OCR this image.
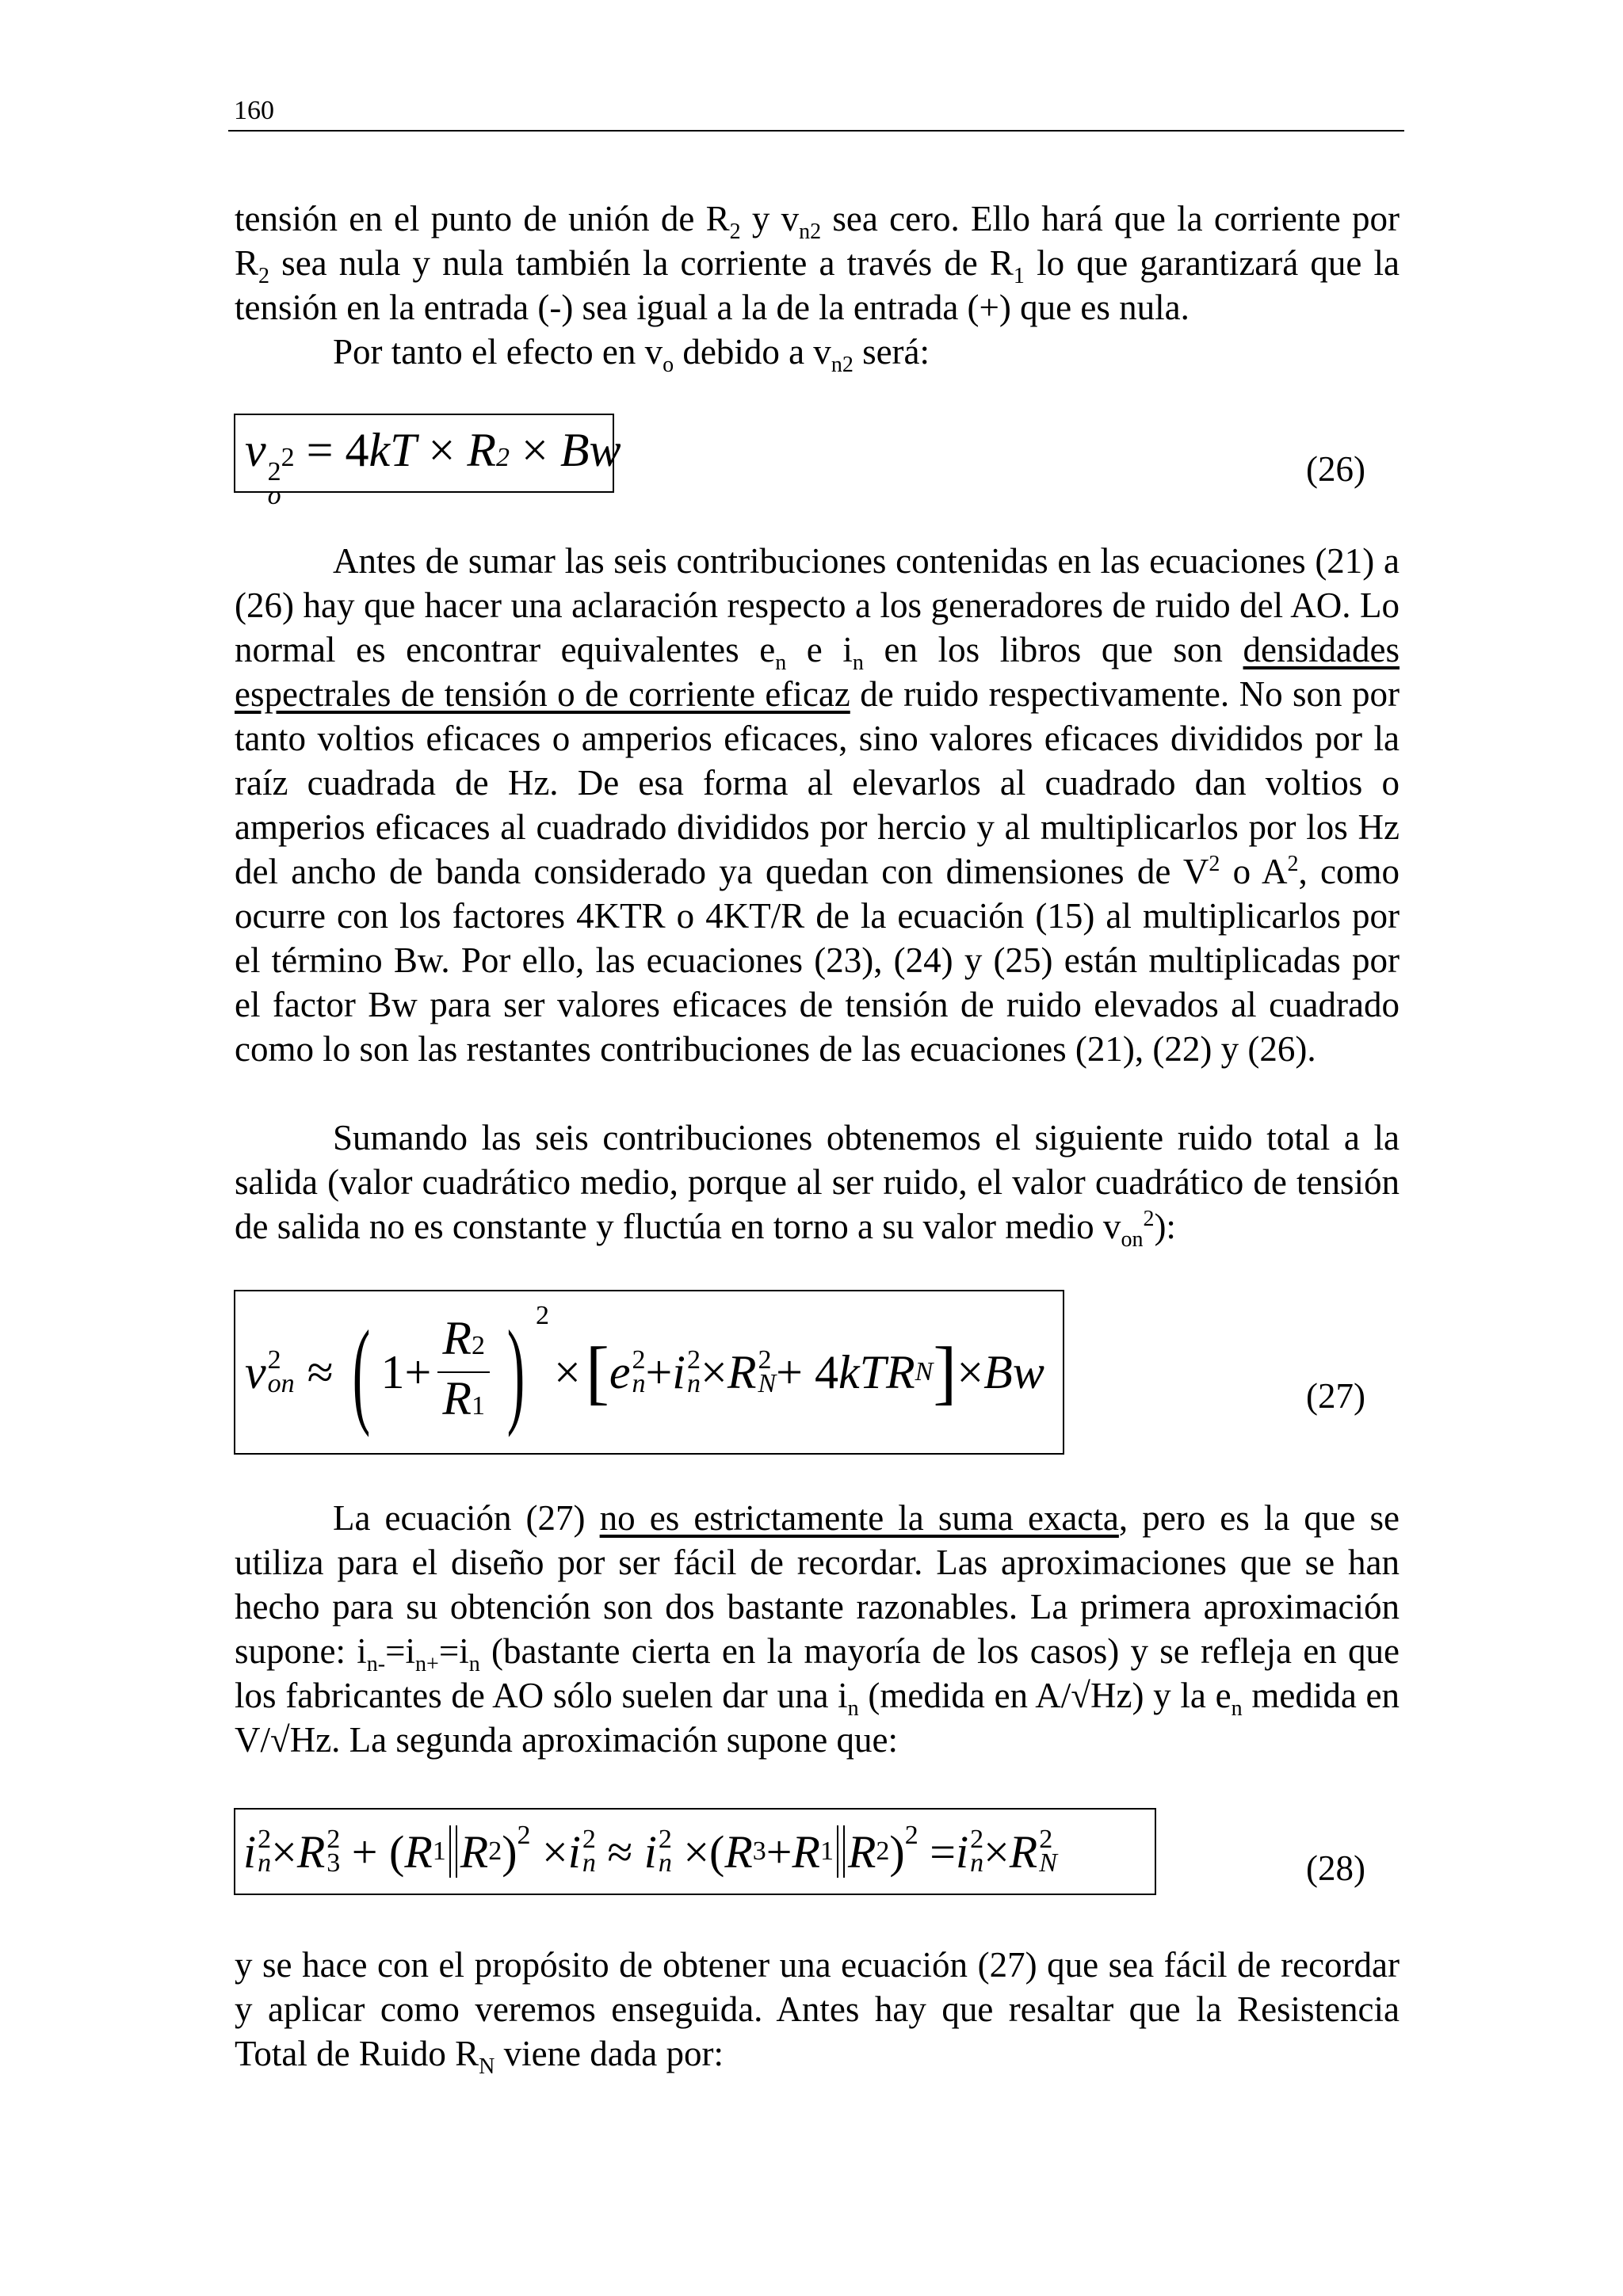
160

tensión en el punto de unión de $R_2$ y $v_{n2}$ sea cero. Ello hará que la corriente por $R_2$ sea nula y nula también la corriente a través de $R_1$ lo que garantizará que la tensión en la entrada (-) sea igual a la de la entrada (+) que es nula.

Por tanto el efecto en $v_o$ debido a $v_{n2}$ será:

v 2
o
2 = 4kT × R2 × Bw	(26)

Antes de sumar las seis contribuciones contenidas en las ecuaciones (21) a (26) hay que hacer una aclaración respecto a los generadores de ruido del AO. Lo normal es encontrar equivalentes $e_n$ e $i_n$ en los libros que son densidades espectrales de tensión o de corriente eficaz de ruido respectivamente. No son por tanto voltios eficaces o amperios eficaces, sino valores eficaces divididos por la raíz cuadrada de Hz. De esa forma al elevarlos al cuadrado dan voltios o amperios eficaces al cuadrado divididos por hercio y al multiplicarlos por los Hz del ancho de banda considerado ya quedan con dimensiones de $V^2$ o $A^2$, como ocurre con los factores 4KTR o 4KT/R de la ecuación (15) al multiplicarlos por el término Bw. Por ello, las ecuaciones (23), (24) y (25) están multiplicadas por el factor Bw para ser valores eficaces de tensión de ruido elevados al cuadrado como lo son las restantes contribuciones de las ecuaciones (21), (22) y (26).

Sumando las seis contribuciones obtenemos el siguiente ruido total a la salida (valor cuadrático medio, porque al ser ruido, el valor cuadrático de tensión de salida no es constante y fluctúa en torno a su valor medio $v_{on}^2$):

v 2
on ≈ ( $1+ \frac{R2}{R1}$ ) 2
× [ e 2
n + i 2
n × R 2
N + 4 kTR N ] × Bw	(27)

La ecuación (27) no es estrictamente la suma exacta, pero es la que se utiliza para el diseño por ser fácil de recordar. Las aproximaciones que se han hecho para su obtención son dos bastante razonables. La primera aproximación supone: $i_{n-}=i_{n+}=i_n$ (bastante cierta en la mayoría de los casos) y se refleja en que los fabricantes de AO sólo suelen dar una $i_n$ (medida en A/√Hz) y la $e_n$ medida en V/√Hz. La segunda aproximación supone que:

i 2
n × R 2
3 + ( R 1 R 2 ) 2 × i 2
n ≈ i 2
n ×( R 3 + R 1 R 2 ) 2 = i 2
n × R 2
N	(28)

y se hace con el propósito de obtener una ecuación (27) que sea fácil de recordar y aplicar como veremos enseguida. Antes hay que resaltar que la Resistencia Total de Ruido $R_N$ viene dada por:
